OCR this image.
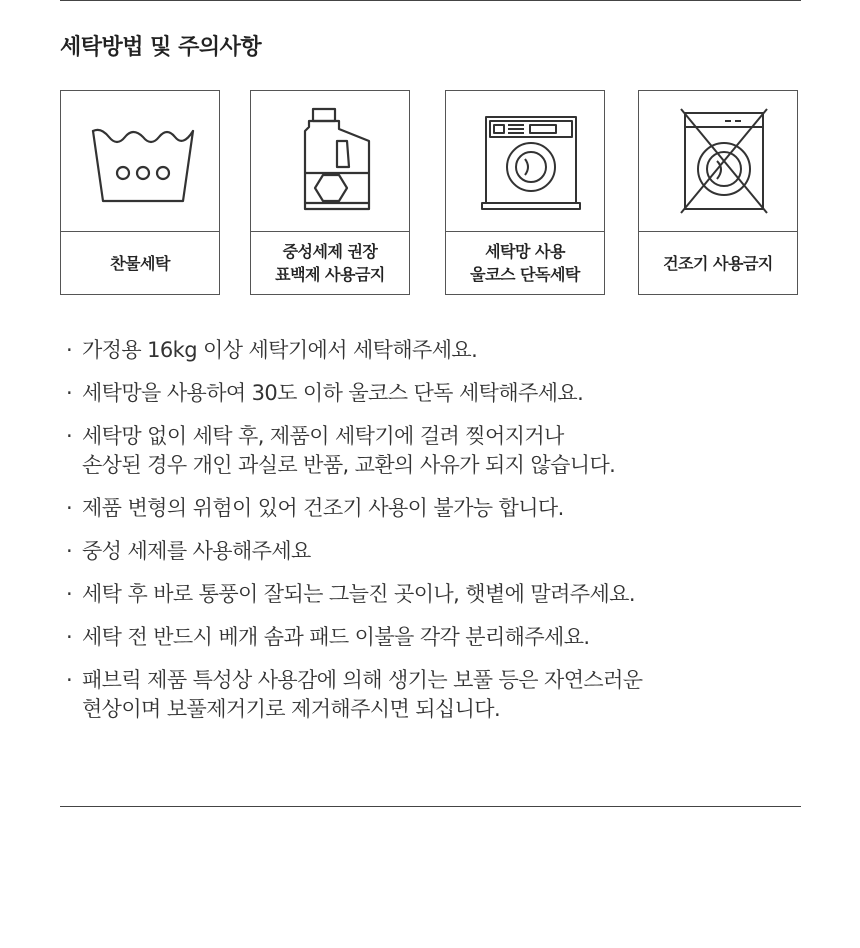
세탁방법 및 주의사항
찬물세탁
중성세제 권장
표백제 사용금지
세탁망 사용
울코스 단독세탁
건조기 사용금지
· 가정용 16kg 이상 세탁기에서 세탁해주세요.
· 세탁망을 사용하여 30도 이하 울코스 단독 세탁해주세요.
· 세탁망 없이 세탁 후, 제품이 세탁기에 걸려 찢어지거나
손상된 경우 개인 과실로 반품, 교환의 사유가 되지 않습니다.
· 제품 변형의 위험이 있어 건조기 사용이 불가능 합니다.
· 중성 세제를 사용해주세요
· 세탁 후 바로 통풍이 잘되는 그늘진 곳이나, 햇볕에 말려주세요.
· 세탁 전 반드시 베개 솜과 패드 이불을 각각 분리해주세요.
· 패브릭 제품 특성상 사용감에 의해 생기는 보풀 등은 자연스러운
현상이며 보풀제거기로 제거해주시면 되십니다.
